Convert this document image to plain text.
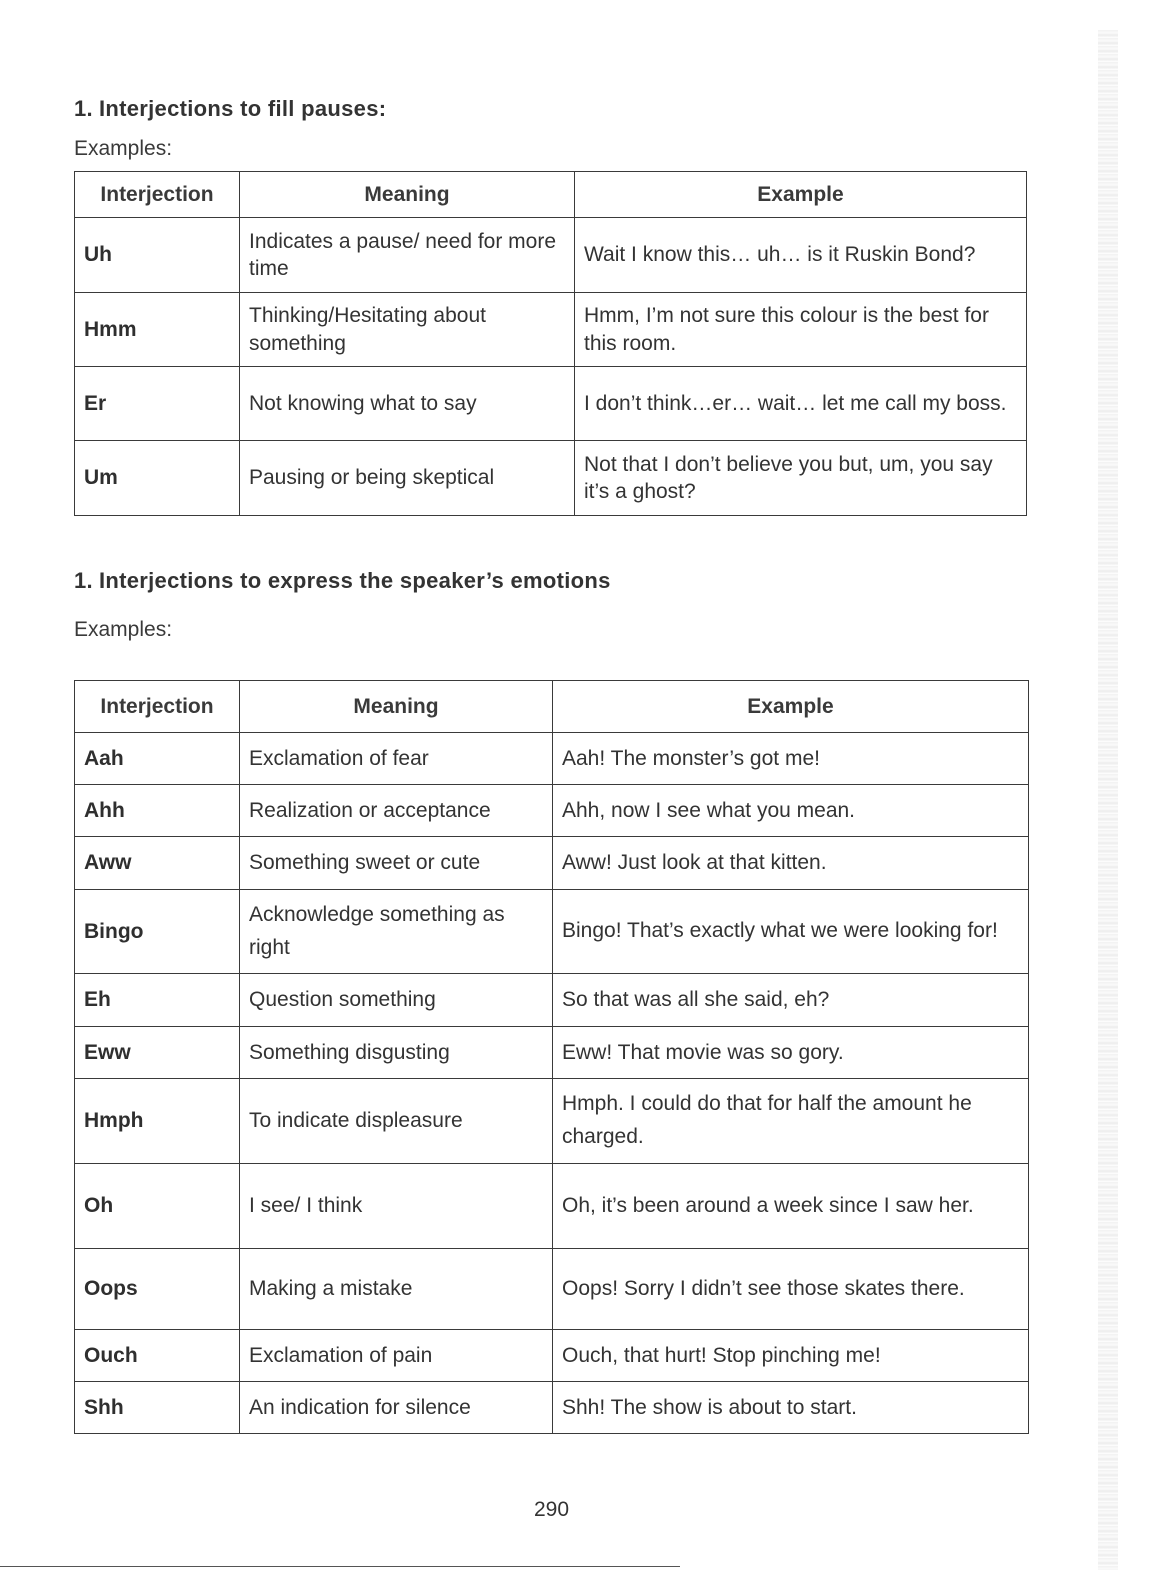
1. Interjections to fill pauses:

Examples:

Interjection	Meaning	Example
Uh	Indicates a pause/ need for more time	Wait I know this… uh… is it Ruskin Bond?
Hmm	Thinking/Hesitating about something	Hmm, I’m not sure this colour is the best for this room.
Er	Not knowing what to say	I don’t think…er… wait… let me call my boss.
Um	Pausing or being skeptical	Not that I don’t believe you but, um, you say it’s a ghost?
1. Interjections to express the speaker’s emotions

Examples:

Interjection	Meaning	Example
Aah	Exclamation of fear	Aah! The monster’s got me!
Ahh	Realization or acceptance	Ahh, now I see what you mean.
Aww	Something sweet or cute	Aww! Just look at that kitten.
Bingo	Acknowledge something as right	Bingo! That’s exactly what we were looking for!
Eh	Question something	So that was all she said, eh?
Eww	Something disgusting	Eww! That movie was so gory.
Hmph	To indicate displeasure	Hmph. I could do that for half the amount he charged.
Oh	I see/ I think	Oh, it’s been around a week since I saw her.
Oops	Making a mistake	Oops! Sorry I didn’t see those skates there.
Ouch	Exclamation of pain	Ouch, that hurt! Stop pinching me!
Shh	An indication for silence	Shh! The show is about to start.
290
